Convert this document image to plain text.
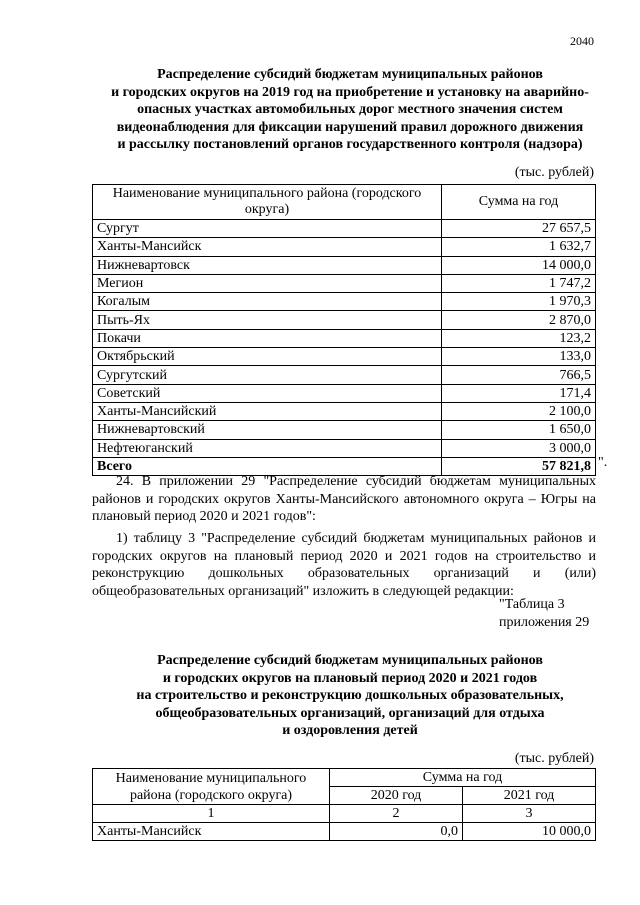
2040
Распределение субсидий бюджетам муниципальных районов
и городских округов на 2019 год на приобретение и установку на аварийно-
опасных участках автомобильных дорог местного значения систем
видеонаблюдения для фиксации нарушений правил дорожного движения
и рассылку постановлений органов государственного контроля (надзора)
(тыс. рублей)
Наименование муниципального района (городского округа)	Сумма на год
Сургут	27 657,5
Ханты-Мансийск	1 632,7
Нижневартовск	14 000,0
Мегион	1 747,2
Когалым	1 970,3
Пыть-Ях	2 870,0
Покачи	123,2
Октябрьский	133,0
Сургутский	766,5
Советский	171,4
Ханты-Мансийский	2 100,0
Нижневартовский	1 650,0
Нефтеюганский	3 000,0
Всего	57 821,8 ".
24. В приложении 29 "Распределение субсидий бюджетам муниципальных районов и городских округов Ханты-Мансийского автономного округа – Югры на плановый период 2020 и 2021 годов":
1) таблицу 3 "Распределение субсидий бюджетам муниципальных районов и городских округов на плановый период 2020 и 2021 годов на строительство и реконструкцию дошкольных образовательных организаций и (или) общеобразовательных организаций" изложить в следующей редакции:
"Таблица 3
приложения 29
Распределение субсидий бюджетам муниципальных районов
и городских округов на плановый период 2020 и 2021 годов
на строительство и реконструкцию дошкольных образовательных,
общеобразовательных организаций, организаций для отдыха
и оздоровления детей
(тыс. рублей)
Наименование муниципального района (городского округа)	Сумма на год	
	2020 год	2021 год
1	2	3
Ханты-Мансийск	0,0	10 000,0
